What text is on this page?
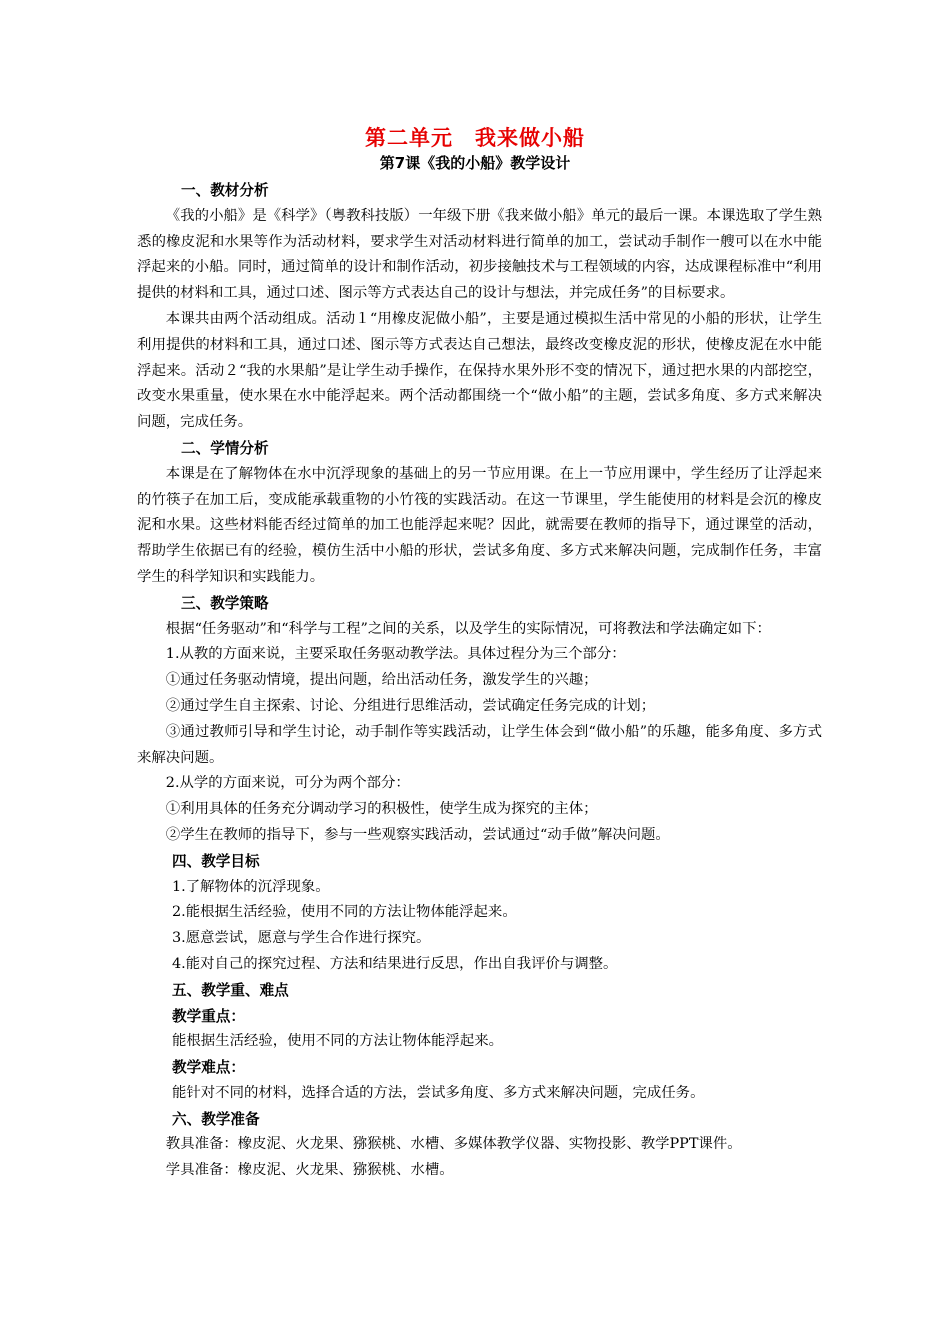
第二单元　我来做小船
第7课《我的小船》教学设计

一、教材分析

《我的小船》是《科学》（粤教科技版）一年级下册《我来做小船》单元的最后一课。本课选取了学生熟悉的橡皮泥和水果等作为活动材料，要求学生对活动材料进行简单的加工，尝试动手制作一艘可以在水中能浮起来的小船。同时，通过简单的设计和制作活动，初步接触技术与工程领域的内容，达成课程标准中“利用提供的材料和工具，通过口述、图示等方式表达自己的设计与想法，并完成任务”的目标要求。

本课共由两个活动组成。活动１“用橡皮泥做小船”，主要是通过模拟生活中常见的小船的形状，让学生利用提供的材料和工具，通过口述、图示等方式表达自己想法，最终改变橡皮泥的形状，使橡皮泥在水中能浮起来。活动２“我的水果船”是让学生动手操作，在保持水果外形不变的情况下，通过把水果的内部挖空，改变水果重量，使水果在水中能浮起来。两个活动都围绕一个“做小船”的主题，尝试多角度、多方式来解决问题，完成任务。

二、学情分析

本课是在了解物体在水中沉浮现象的基础上的另一节应用课。在上一节应用课中，学生经历了让浮起来的竹筷子在加工后，变成能承载重物的小竹筏的实践活动。在这一节课里，学生能使用的材料是会沉的橡皮泥和水果。这些材料能否经过简单的加工也能浮起来呢？因此，就需要在教师的指导下，通过课堂的活动，帮助学生依据已有的经验，模仿生活中小船的形状，尝试多角度、多方式来解决问题，完成制作任务，丰富学生的科学知识和实践能力。

三、教学策略

根据“任务驱动”和“科学与工程”之间的关系，以及学生的实际情况，可将教法和学法确定如下：

1.从教的方面来说，主要采取任务驱动教学法。具体过程分为三个部分：

①通过任务驱动情境，提出问题，给出活动任务，激发学生的兴趣；

②通过学生自主探索、讨论、分组进行思维活动，尝试确定任务完成的计划；

③通过教师引导和学生讨论，动手制作等实践活动，让学生体会到“做小船”的乐趣，能多角度、多方式来解决问题。

2.从学的方面来说，可分为两个部分：

①利用具体的任务充分调动学习的积极性，使学生成为探究的主体；

②学生在教师的指导下，参与一些观察实践活动，尝试通过“动手做”解决问题。

四、教学目标

1.了解物体的沉浮现象。

2.能根据生活经验，使用不同的方法让物体能浮起来。

3.愿意尝试，愿意与学生合作进行探究。

4.能对自己的探究过程、方法和结果进行反思，作出自我评价与调整。

五、教学重、难点

教学重点：

能根据生活经验，使用不同的方法让物体能浮起来。

教学难点：

能针对不同的材料，选择合适的方法，尝试多角度、多方式来解决问题，完成任务。

六、教学准备

教具准备：橡皮泥、火龙果、猕猴桃、水槽、多媒体教学仪器、实物投影、教学PPT课件。

学具准备：橡皮泥、火龙果、猕猴桃、水槽。
